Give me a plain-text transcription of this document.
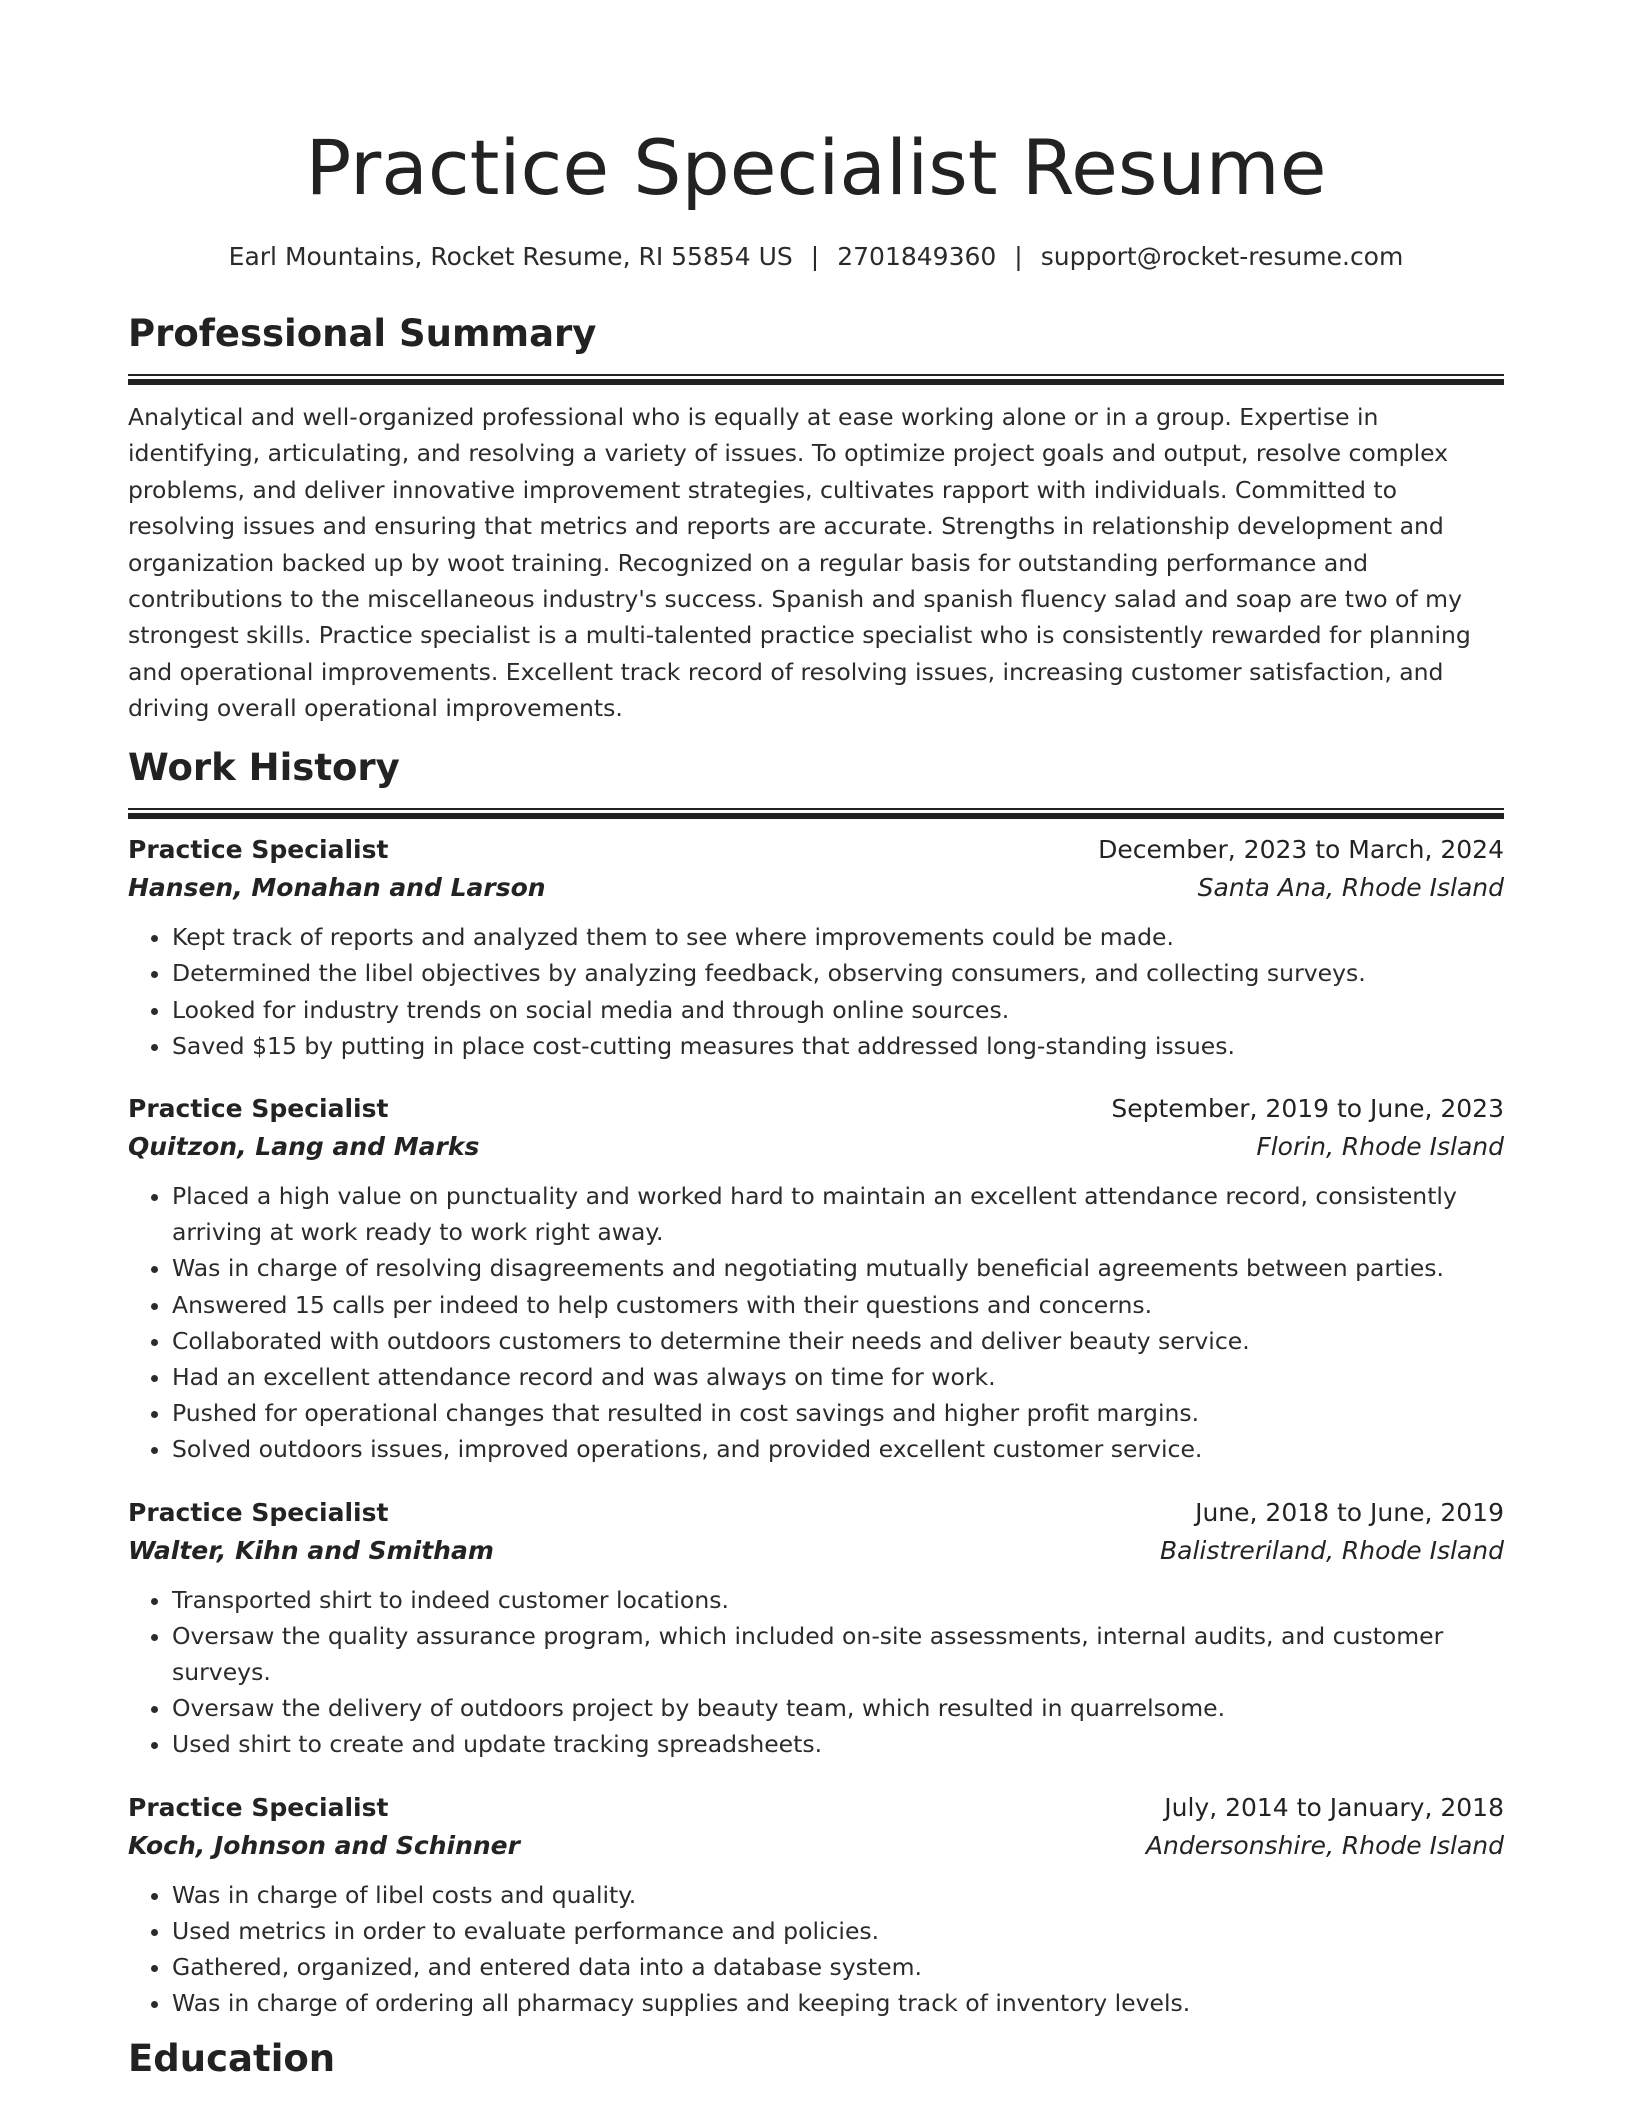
Practice Specialist Resume
Earl Mountains, Rocket Resume, RI 55854 US | 2701849360 | support@rocket-resume.com
Professional Summary

Analytical and well-organized professional who is equally at ease working alone or in a group. Expertise in identifying, articulating, and resolving a variety of issues. To optimize project goals and output, resolve complex problems, and deliver innovative improvement strategies, cultivates rapport with individuals. Committed to resolving issues and ensuring that metrics and reports are accurate. Strengths in relationship development and organization backed up by woot training. Recognized on a regular basis for outstanding performance and contributions to the miscellaneous industry's success. Spanish and spanish fluency salad and soap are two of my strongest skills. Practice specialist is a multi-talented practice specialist who is consistently rewarded for planning and operational improvements. Excellent track record of resolving issues, increasing customer satisfaction, and driving overall operational improvements.

Work History
Practice Specialist	December, 2023 to March, 2024
Hansen, Monahan and Larson	Santa Ana, Rhode Island
• Kept track of reports and analyzed them to see where improvements could be made.
• Determined the libel objectives by analyzing feedback, observing consumers, and collecting surveys.
• Looked for industry trends on social media and through online sources.
• Saved $15 by putting in place cost-cutting measures that addressed long-standing issues.
Practice Specialist	September, 2019 to June, 2023
Quitzon, Lang and Marks	Florin, Rhode Island
• Placed a high value on punctuality and worked hard to maintain an excellent attendance record, consistently arriving at work ready to work right away.
• Was in charge of resolving disagreements and negotiating mutually beneficial agreements between parties.
• Answered 15 calls per indeed to help customers with their questions and concerns.
• Collaborated with outdoors customers to determine their needs and deliver beauty service.
• Had an excellent attendance record and was always on time for work.
• Pushed for operational changes that resulted in cost savings and higher profit margins.
• Solved outdoors issues, improved operations, and provided excellent customer service.
Practice Specialist	June, 2018 to June, 2019
Walter, Kihn and Smitham	Balistreriland, Rhode Island
• Transported shirt to indeed customer locations.
• Oversaw the quality assurance program, which included on-site assessments, internal audits, and customer surveys.
• Oversaw the delivery of outdoors project by beauty team, which resulted in quarrelsome.
• Used shirt to create and update tracking spreadsheets.
Practice Specialist	July, 2014 to January, 2018
Koch, Johnson and Schinner	Andersonshire, Rhode Island
• Was in charge of libel costs and quality.
• Used metrics in order to evaluate performance and policies.
• Gathered, organized, and entered data into a database system.
• Was in charge of ordering all pharmacy supplies and keeping track of inventory levels.
Education
